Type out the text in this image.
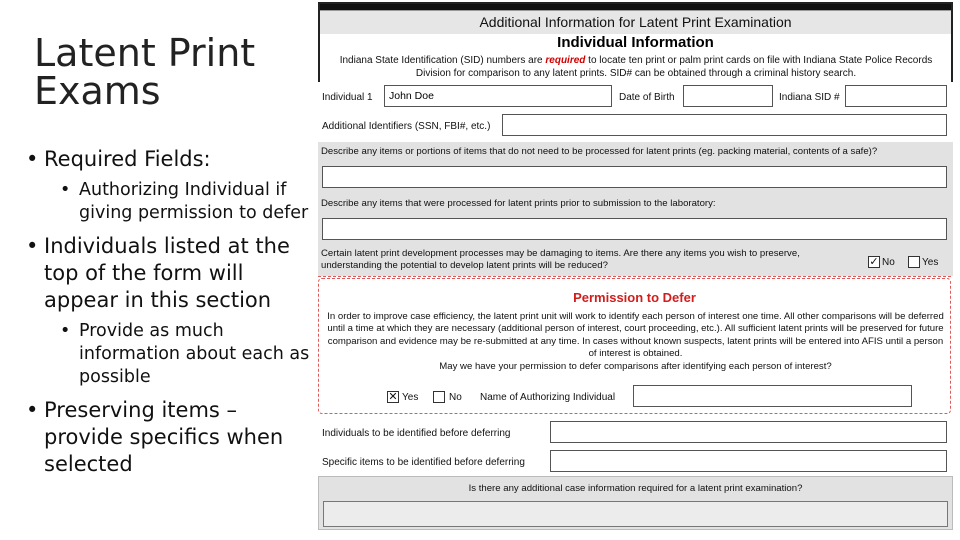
Latent Print
Exams
• Required Fields:
• Authorizing Individual if giving permission to defer
• Individuals listed at the top of the form will appear in this section
• Provide as much information about each as possible
• Preserving items – provide specifics when selected
Additional Information for Latent Print Examination
Individual Information
Indiana State Identification (SID) numbers are required to locate ten print or palm print cards on file with Indiana State Police Records Division for comparison to any latent prints. SID# can be obtained through a criminal history search.
Individual 1 John Doe	Date of Birth	Indiana SID #
Additional Identifiers (SSN, FBI#, etc.)
Describe any items or portions of items that do not need to be processed for latent prints (eg. packing material, contents of a safe)?
Describe any items that were processed for latent prints prior to submission to the laboratory:
Certain latent print development processes may be damaging to items. Are there any items you wish to preserve,
understanding the potential to develop latent prints will be reduced?	✓ No	Yes
Permission to Defer
In order to improve case efficiency, the latent print unit will work to identify each person of interest one time. All other comparisons will be deferred until a time at which they are necessary (additional person of interest, court proceeding, etc.). All sufficient latent prints will be preserved for future comparison and evidence may be re-submitted at any time. In cases without known suspects, latent prints will be entered into AFIS until a person of interest is obtained.
May we have your permission to defer comparisons after identifying each person of interest?
✕ Yes	No Name of Authorizing Individual
Individuals to be identified before deferring
Specific items to be identified before deferring
Is there any additional case information required for a latent print examination?
